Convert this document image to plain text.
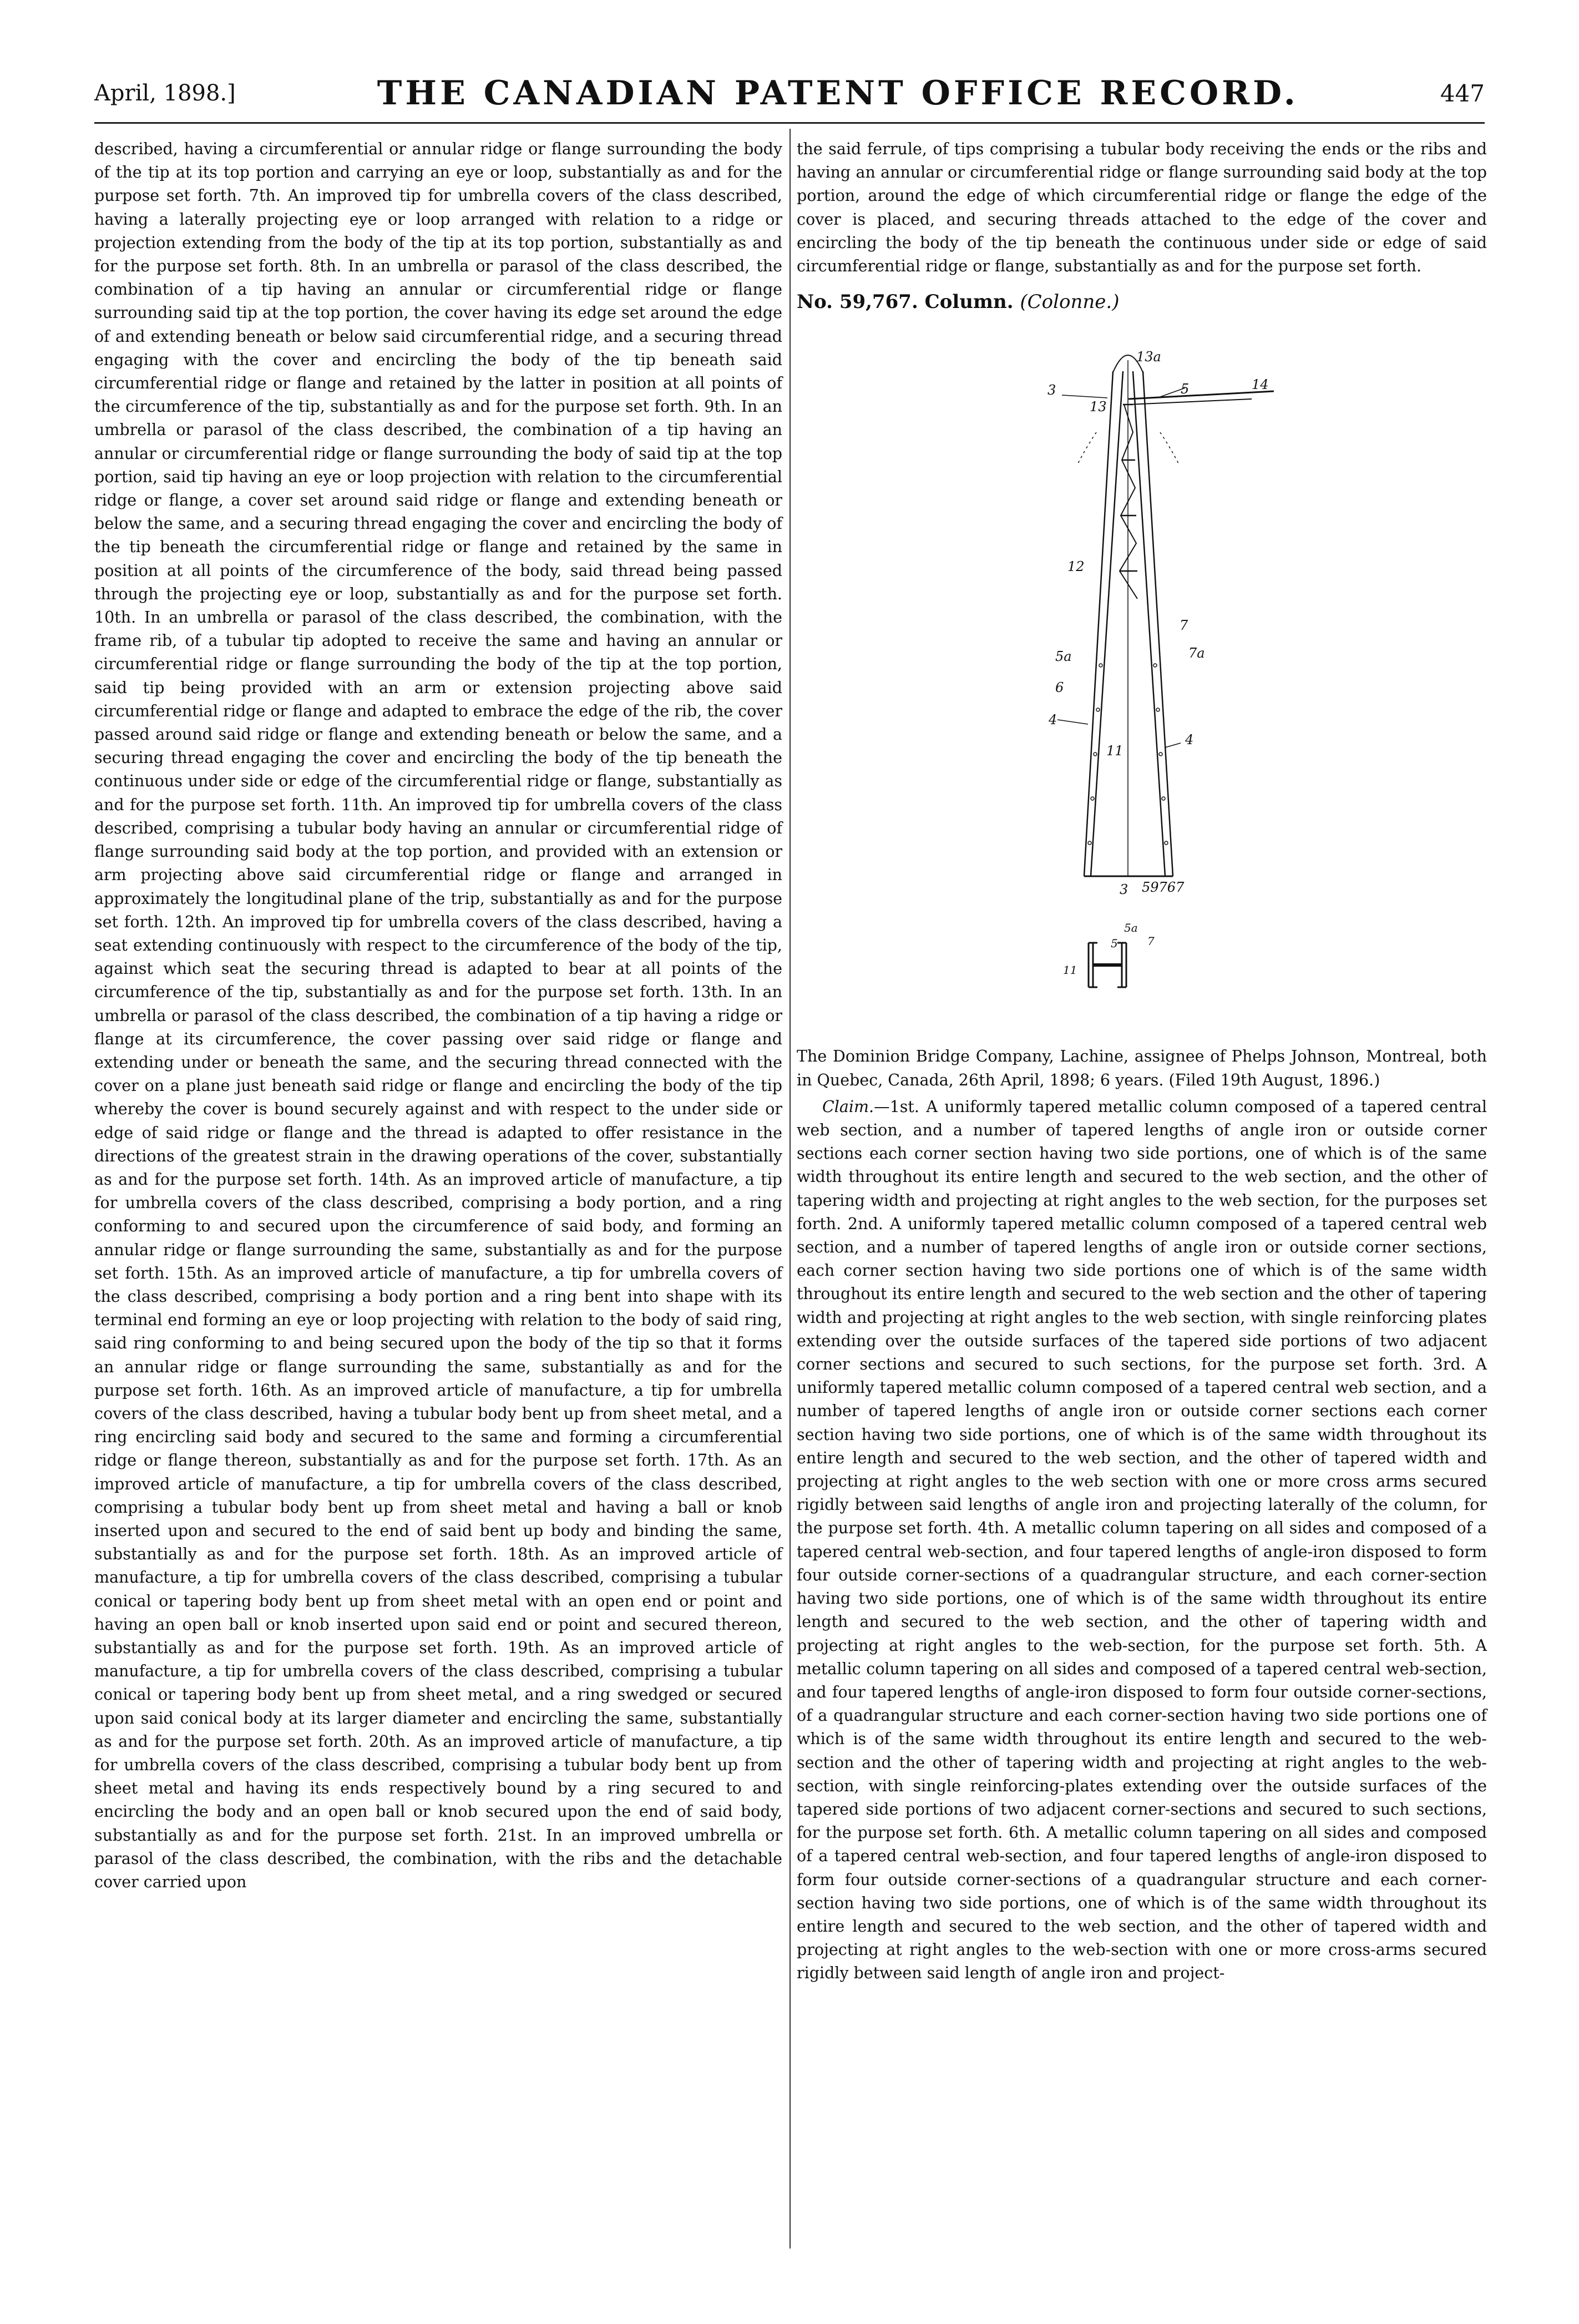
April, 1898.]	THE CANADIAN PATENT OFFICE RECORD.	447

described, having a circumferential or annular ridge or flange surrounding the body of the tip at its top portion and carrying an eye or loop, substantially as and for the purpose set forth. 7th. An improved tip for umbrella covers of the class described, having a laterally projecting eye or loop arranged with relation to a ridge or projection extending from the body of the tip at its top portion, substantially as and for the purpose set forth. 8th. In an umbrella or parasol of the class described, the combination of a tip having an annular or circumferential ridge or flange surrounding said tip at the top portion, the cover having its edge set around the edge of and extending beneath or below said circumferential ridge, and a securing thread engaging with the cover and encircling the body of the tip beneath said circumferential ridge or flange and retained by the latter in position at all points of the circumference of the tip, substantially as and for the purpose set forth. 9th. In an umbrella or parasol of the class described, the combination of a tip having an annular or circumferential ridge or flange surrounding the body of said tip at the top portion, said tip having an eye or loop projection with relation to the circumferential ridge or flange, a cover set around said ridge or flange and extending beneath or below the same, and a securing thread engaging the cover and encircling the body of the tip beneath the circumferential ridge or flange and retained by the same in position at all points of the circumference of the body, said thread being passed through the projecting eye or loop, substantially as and for the purpose set forth. 10th. In an umbrella or parasol of the class described, the combination, with the frame rib, of a tubular tip adopted to receive the same and having an annular or circumferential ridge or flange surrounding the body of the tip at the top portion, said tip being provided with an arm or extension projecting above said circumferential ridge or flange and adapted to embrace the edge of the rib, the cover passed around said ridge or flange and extending beneath or below the same, and a securing thread engaging the cover and encircling the body of the tip beneath the continuous under side or edge of the circumferential ridge or flange, substantially as and for the purpose set forth. 11th. An improved tip for umbrella covers of the class described, comprising a tubular body having an annular or circumferential ridge of flange surrounding said body at the top portion, and provided with an extension or arm projecting above said circumferential ridge or flange and arranged in approximately the longitudinal plane of the trip, substantially as and for the purpose set forth. 12th. An improved tip for umbrella covers of the class described, having a seat extending continuously with respect to the circumference of the body of the tip, against which seat the securing thread is adapted to bear at all points of the circumference of the tip, substantially as and for the purpose set forth. 13th. In an umbrella or parasol of the class described, the combination of a tip having a ridge or flange at its circumference, the cover passing over said ridge or flange and extending under or beneath the same, and the securing thread connected with the cover on a plane just beneath said ridge or flange and encircling the body of the tip whereby the cover is bound securely against and with respect to the under side or edge of said ridge or flange and the thread is adapted to offer resistance in the directions of the greatest strain in the drawing operations of the cover, substantially as and for the purpose set forth. 14th. As an improved article of manufacture, a tip for umbrella covers of the class described, comprising a body portion, and a ring conforming to and secured upon the circumference of said body, and forming an annular ridge or flange surrounding the same, substantially as and for the purpose set forth. 15th. As an improved article of manufacture, a tip for umbrella covers of the class described, comprising a body portion and a ring bent into shape with its terminal end forming an eye or loop projecting with relation to the body of said ring, said ring conforming to and being secured upon the body of the tip so that it forms an annular ridge or flange surrounding the same, substantially as and for the purpose set forth. 16th. As an improved article of manufacture, a tip for umbrella covers of the class described, having a tubular body bent up from sheet metal, and a ring encircling said body and secured to the same and forming a circumferential ridge or flange thereon, substantially as and for the purpose set forth. 17th. As an improved article of manufacture, a tip for umbrella covers of the class described, comprising a tubular body bent up from sheet metal and having a ball or knob inserted upon and secured to the end of said bent up body and binding the same, substantially as and for the purpose set forth. 18th. As an improved article of manufacture, a tip for umbrella covers of the class described, comprising a tubular conical or tapering body bent up from sheet metal with an open end or point and having an open ball or knob inserted upon said end or point and secured thereon, substantially as and for the purpose set forth. 19th. As an improved article of manufacture, a tip for umbrella covers of the class described, comprising a tubular conical or tapering body bent up from sheet metal, and a ring swedged or secured upon said conical body at its larger diameter and encircling the same, substantially as and for the purpose set forth. 20th. As an improved article of manufacture, a tip for umbrella covers of the class described, comprising a tubular body bent up from sheet metal and having its ends respectively bound by a ring secured to and encircling the body and an open ball or knob secured upon the end of said body, substantially as and for the purpose set forth. 21st. In an improved umbrella or parasol of the class described, the combination, with the ribs and the detachable cover carried upon

the said ferrule, of tips comprising a tubular body receiving the ends or the ribs and having an annular or circumferential ridge or flange surrounding said body at the top portion, around the edge of which circumferential ridge or flange the edge of the cover is placed, and securing threads attached to the edge of the cover and encircling the body of the tip beneath the continuous under side or edge of said circumferential ridge or flange, substantially as and for the purpose set forth.

No. 59,767. Column. (Colonne.)

13a
3	5	14
13
12
7
7a
5a
6
4
4
11
3 59767
5a
5	7
11

The Dominion Bridge Company, Lachine, assignee of Phelps Johnson, Montreal, both in Quebec, Canada, 26th April, 1898; 6 years. (Filed 19th August, 1896.)

Claim.—1st. A uniformly tapered metallic column composed of a tapered central web section, and a number of tapered lengths of angle iron or outside corner sections each corner section having two side portions, one of which is of the same width throughout its entire length and secured to the web section, and the other of tapering width and projecting at right angles to the web section, for the purposes set forth. 2nd. A uniformly tapered metallic column composed of a tapered central web section, and a number of tapered lengths of angle iron or outside corner sections, each corner section having two side portions one of which is of the same width throughout its entire length and secured to the web section and the other of tapering width and projecting at right angles to the web section, with single reinforcing plates extending over the outside surfaces of the tapered side portions of two adjacent corner sections and secured to such sections, for the purpose set forth. 3rd. A uniformly tapered metallic column composed of a tapered central web section, and a number of tapered lengths of angle iron or outside corner sections each corner section having two side portions, one of which is of the same width throughout its entire length and secured to the web section, and the other of tapered width and projecting at right angles to the web section with one or more cross arms secured rigidly between said lengths of angle iron and projecting laterally of the column, for the purpose set forth. 4th. A metallic column tapering on all sides and composed of a tapered central web-section, and four tapered lengths of angle-iron disposed to form four outside corner-sections of a quadrangular structure, and each corner-section having two side portions, one of which is of the same width throughout its entire length and secured to the web section, and the other of tapering width and projecting at right angles to the web-section, for the purpose set forth. 5th. A metallic column tapering on all sides and composed of a tapered central web-section, and four tapered lengths of angle-iron disposed to form four outside corner-sections, of a quadrangular structure and each corner-section having two side portions one of which is of the same width throughout its entire length and secured to the web-section and the other of tapering width and projecting at right angles to the web-section, with single reinforcing-plates extending over the outside surfaces of the tapered side portions of two adjacent corner-sections and secured to such sections, for the purpose set forth. 6th. A metallic column tapering on all sides and composed of a tapered central web-section, and four tapered lengths of angle-iron disposed to form four outside corner-sections of a quadrangular structure and each corner-section having two side portions, one of which is of the same width throughout its entire length and secured to the web section, and the other of tapered width and projecting at right angles to the web-section with one or more cross-arms secured rigidly between said length of angle iron and project-
